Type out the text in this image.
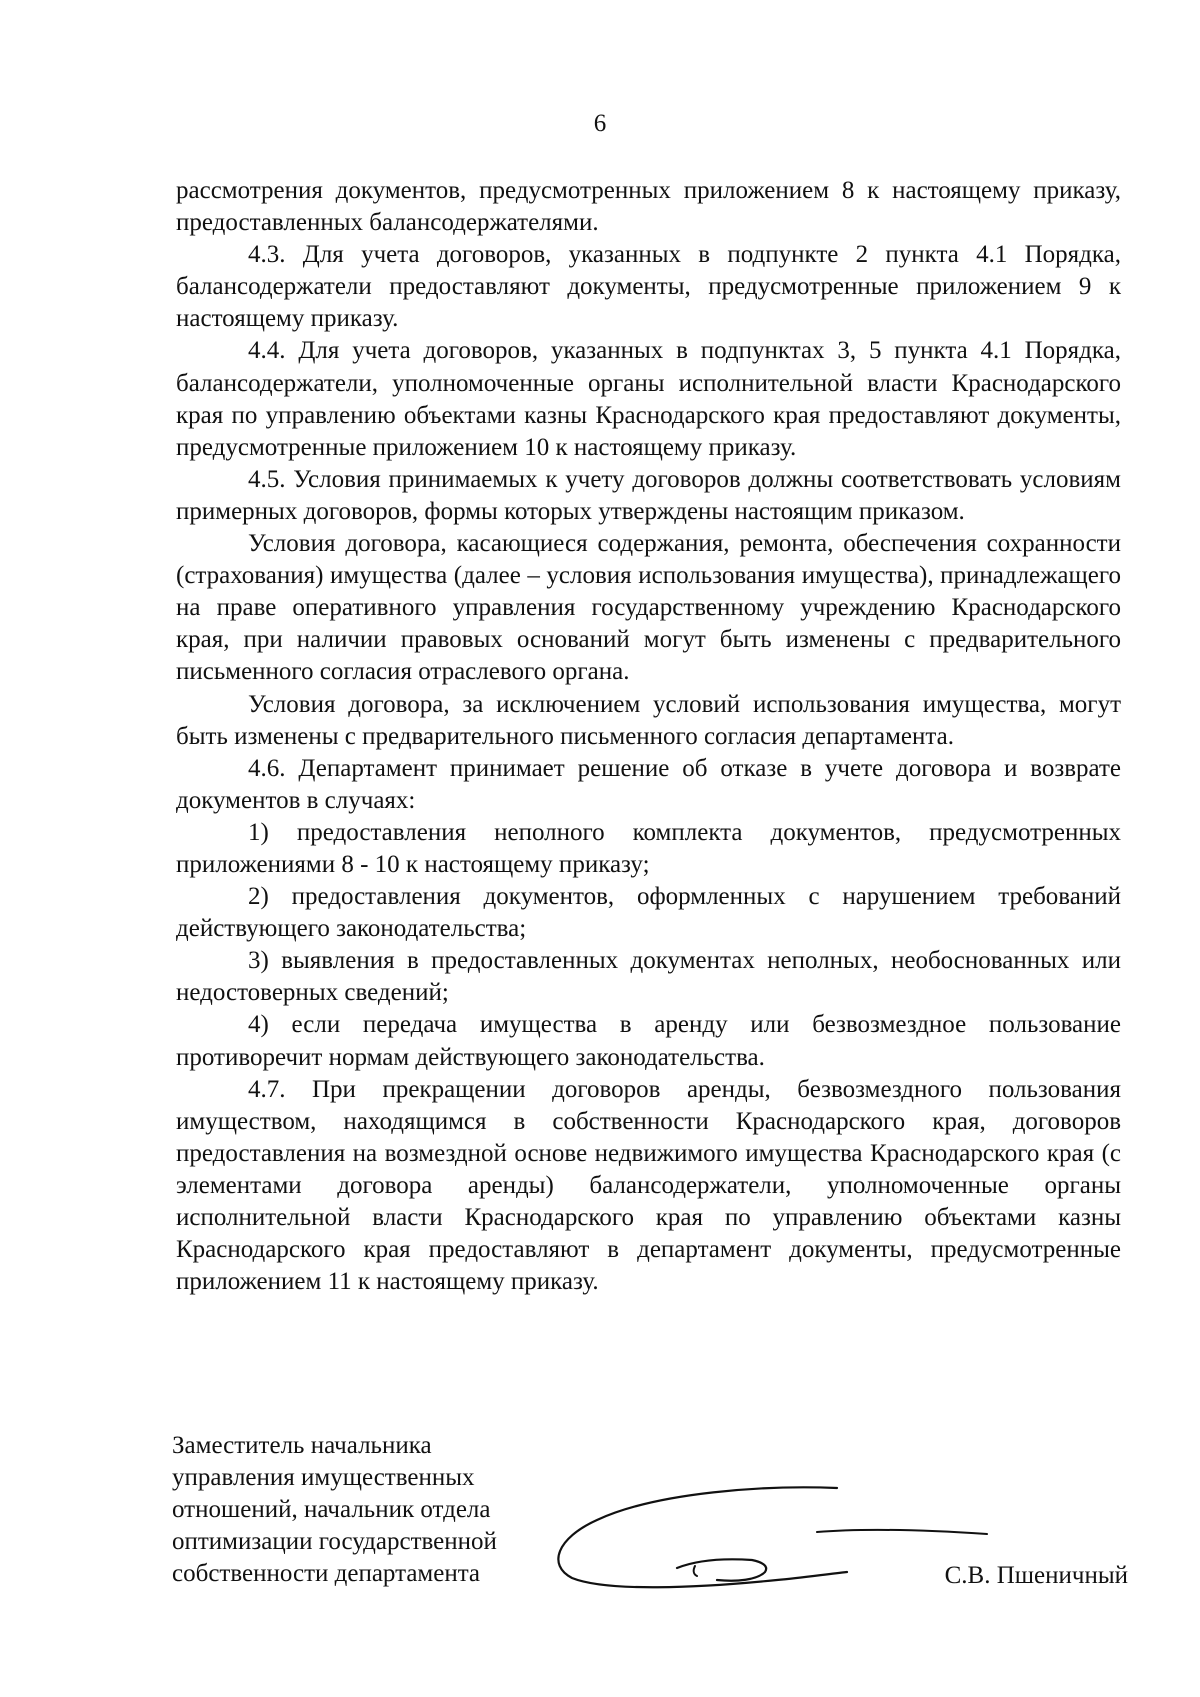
6

рассмотрения документов, предусмотренных приложением 8 к настоящему приказу, предоставленных балансодержателями.

4.3. Для учета договоров, указанных в подпункте 2 пункта 4.1 Порядка, балансодержатели предоставляют документы, предусмотренные приложением 9 к настоящему приказу.

4.4. Для учета договоров, указанных в подпунктах 3, 5 пункта 4.1 Порядка, балансодержатели, уполномоченные органы исполнительной власти Краснодарского края по управлению объектами казны Краснодарского края предоставляют документы, предусмотренные приложением 10 к настоящему приказу.

4.5. Условия принимаемых к учету договоров должны соответствовать условиям примерных договоров, формы которых утверждены настоящим приказом.

Условия договора, касающиеся содержания, ремонта, обеспечения сохранности (страхования) имущества (далее – условия использования имущества), принадлежащего на праве оперативного управления государственному учреждению Краснодарского края, при наличии правовых оснований могут быть изменены с предварительного письменного согласия отраслевого органа.

Условия договора, за исключением условий использования имущества, могут быть изменены с предварительного письменного согласия департамента.

4.6. Департамент принимает решение об отказе в учете договора и возврате документов в случаях:

1) предоставления неполного комплекта документов, предусмотренных приложениями 8 - 10 к настоящему приказу;

2) предоставления документов, оформленных с нарушением требований действующего законодательства;

3) выявления в предоставленных документах неполных, необоснованных или недостоверных сведений;

4) если передача имущества в аренду или безвозмездное пользование противоречит нормам действующего законодательства.

4.7. При прекращении договоров аренды, безвозмездного пользования имуществом, находящимся в собственности Краснодарского края, договоров предоставления на возмездной основе недвижимого имущества Краснодарского края (с элементами договора аренды) балансодержатели, уполномоченные органы исполнительной власти Краснодарского края по управлению объектами казны Краснодарского края предоставляют в департамент документы, предусмотренные приложением 11 к настоящему приказу.

Заместитель начальника
управления имущественных
отношений, начальник отдела
оптимизации государственной
собственности департамента	С.В. Пшеничный
